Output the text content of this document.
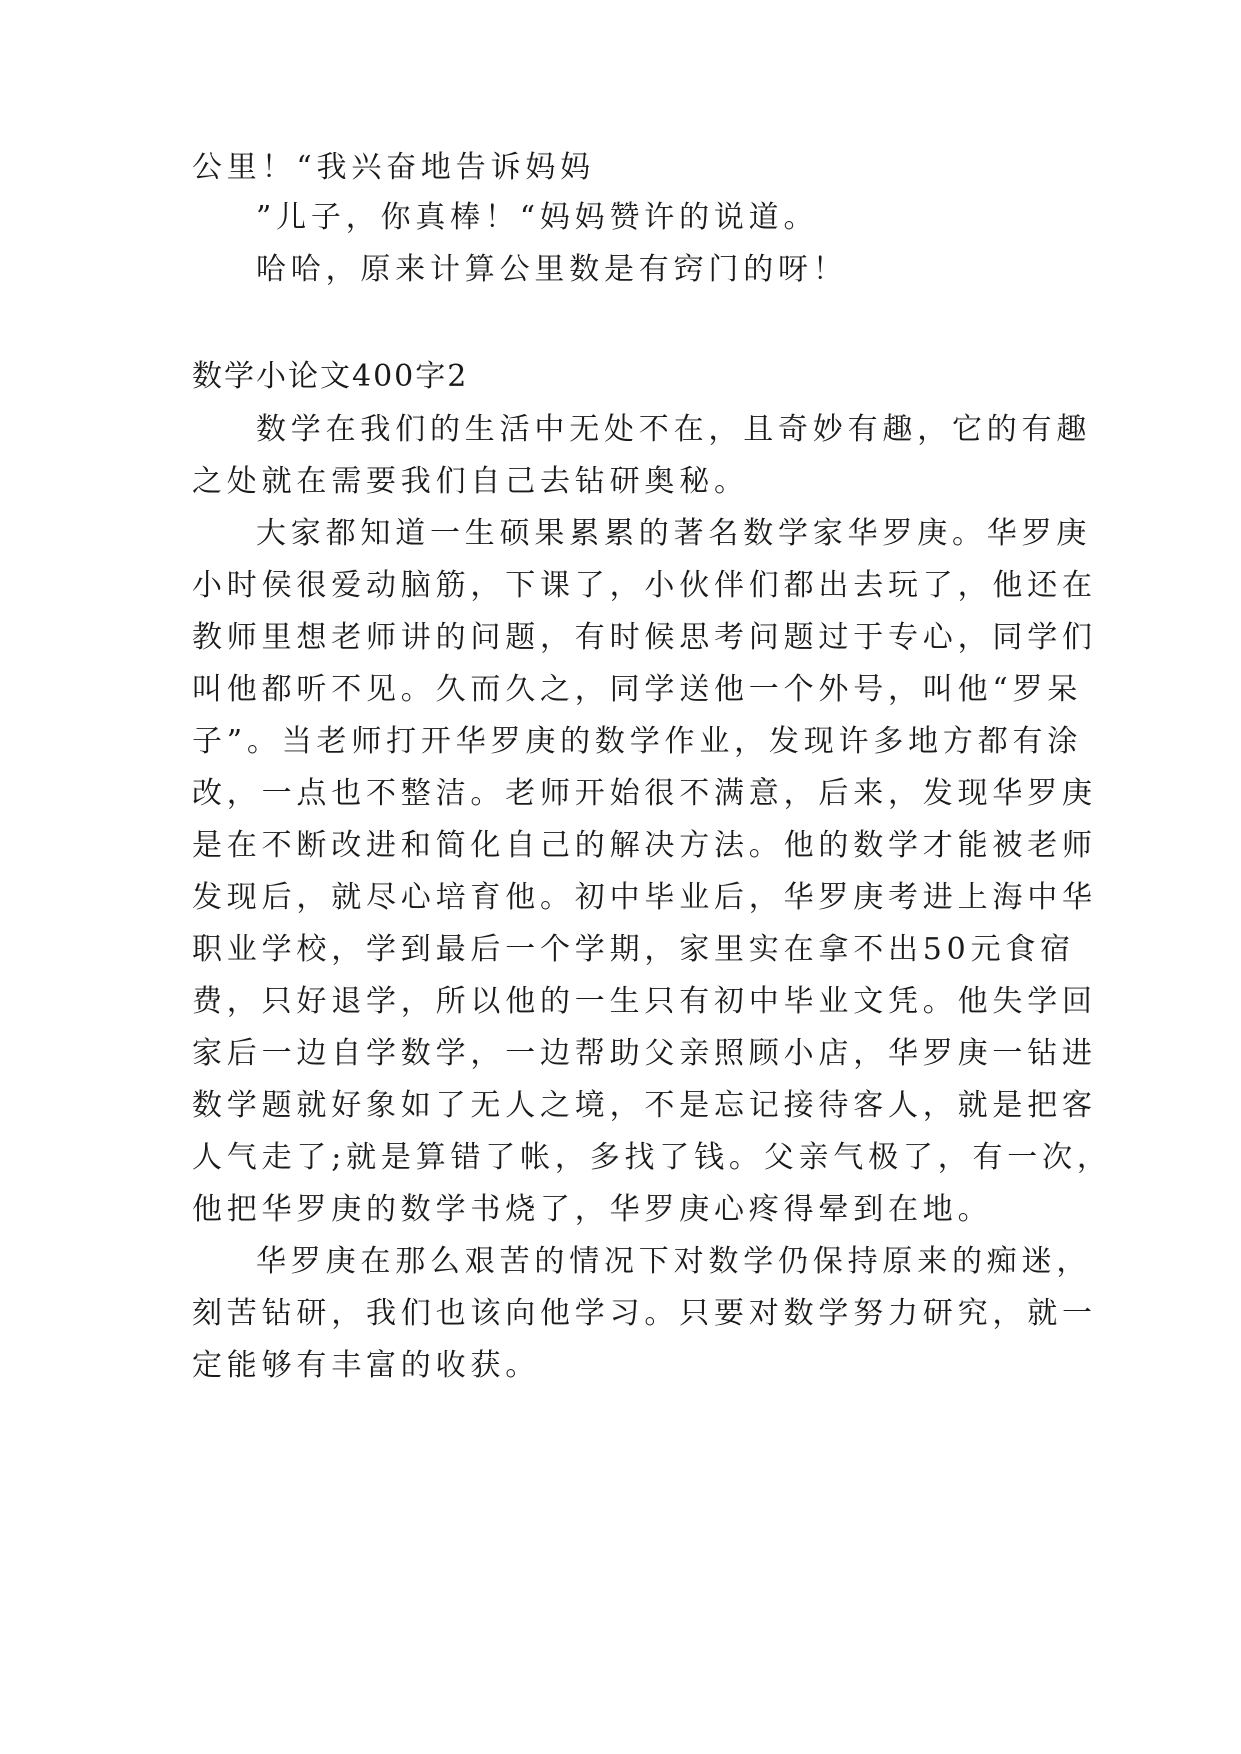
公里！“我兴奋地告诉妈妈
”儿子，你真棒！“妈妈赞许的说道。
哈哈，原来计算公里数是有窍门的呀！
数学小论文400字2
数学在我们的生活中无处不在，且奇妙有趣，它的有趣
之处就在需要我们自己去钻研奥秘。
大家都知道一生硕果累累的著名数学家华罗庚。华罗庚
小时侯很爱动脑筋，下课了，小伙伴们都出去玩了，他还在
教师里想老师讲的问题，有时候思考问题过于专心，同学们
叫他都听不见。久而久之，同学送他一个外号，叫他“罗呆
子”。当老师打开华罗庚的数学作业，发现许多地方都有涂
改，一点也不整洁。老师开始很不满意，后来，发现华罗庚
是在不断改进和简化自己的解决方法。他的数学才能被老师
发现后，就尽心培育他。初中毕业后，华罗庚考进上海中华
职业学校，学到最后一个学期，家里实在拿不出50元食宿
费，只好退学，所以他的一生只有初中毕业文凭。他失学回
家后一边自学数学，一边帮助父亲照顾小店，华罗庚一钻进
数学题就好象如了无人之境，不是忘记接待客人，就是把客
人气走了;就是算错了帐，多找了钱。父亲气极了，有一次，
他把华罗庚的数学书烧了，华罗庚心疼得晕到在地。
华罗庚在那么艰苦的情况下对数学仍保持原来的痴迷，
刻苦钻研，我们也该向他学习。只要对数学努力研究，就一
定能够有丰富的收获。
